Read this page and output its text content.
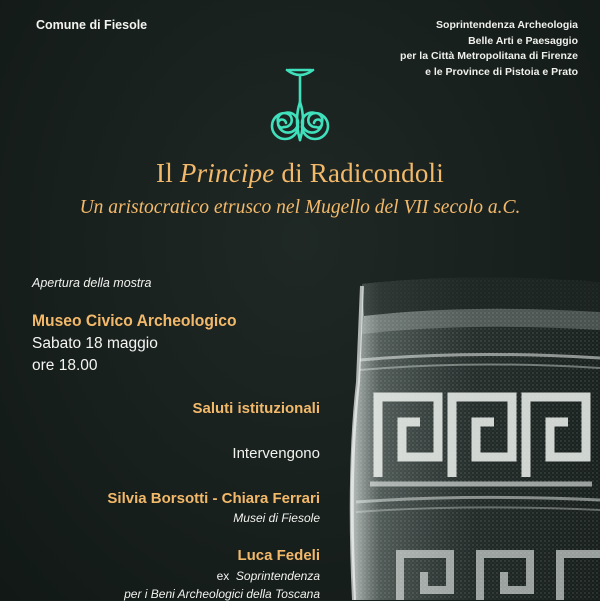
Comune di Fiesole	Soprintendenza Archeologia
Belle Arti e Paesaggio
per la Città Metropolitana di Firenze
e le Province di Pistoia e Prato
Il Principe di Radicondoli
Un aristocratico etrusco nel Mugello del VII secolo a.C.
Apertura della mostra
Museo Civico Archeologico
Sabato 18 maggio
ore 18.00
Saluti istituzionali
Intervengono
Silvia Borsotti - Chiara Ferrari
Musei di Fiesole
Luca Fedeli
ex Soprintendenza
per i Beni Archeologici della Toscana
